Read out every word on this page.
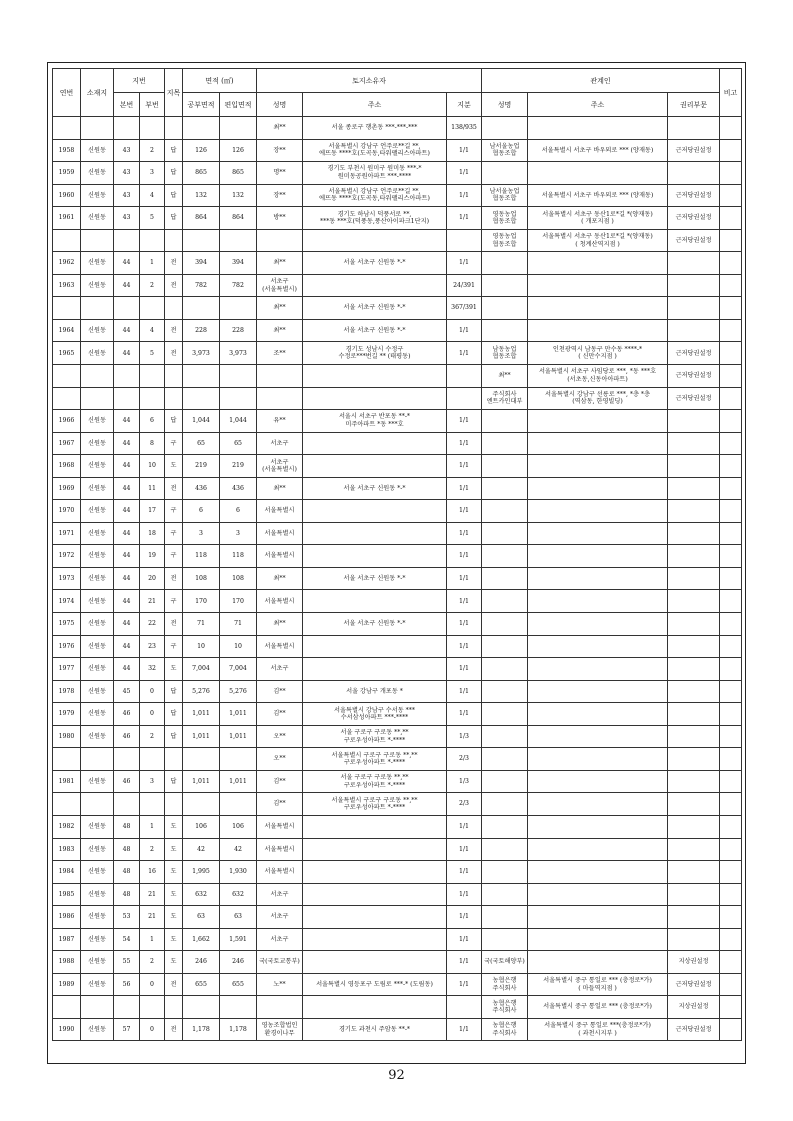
연번	소재지	지번		지목	면적 (㎡)		토지소유자			관계인			비고
		본번	부번		공부면적	편입면적	성명	주소	지분	성명	주소	권리부문	
							최**	서울 종로구 행촌동 ***-***-***	138/935				
1958	신원동	43	2	답	126	126	장**	서울특별시 강남구 언주로**길 **,
에뜨동 ****호(도곡동,타워팰리스아파트)	1/1	남서울농업
협동조합	서울특별시 서초구 바우뫼로 *** (양재동)	근저당권설정	
1959	신원동	43	3	답	865	865	명**	경기도 부천시 원미구 원미동 ***-*
원미동공원아파트 ***-****	1/1				
1960	신원동	43	4	답	132	132	장**	서울특별시 강남구 언주로**길 **,
에뜨동 ****호(도곡동,타워팰리스아파트)	1/1	남서울농업
협동조합	서울특별시 서초구 바우뫼로 *** (양재동)	근저당권설정	
1961	신원동	43	5	답	864	864	방**	경기도 하남시 덕풍서로 **,
***동 ***호(덕풍동,풍산아이파크1단지)	1/1	영동농업
협동조합	서울특별시 서초구 동산1로*길 *(양재동)
( 개포지점 )	근저당권설정	
										영동농업
협동조합	서울특별시 서초구 동산1로*길 *(양재동)
( 청계산역지점 )	근저당권설정	
1962	신원동	44	1	전	394	394	최**	서울 서초구 신원동 *-*	1/1				
1963	신원동	44	2	전	782	782	서초구
(서울특별시)		24/391				
							최**	서울 서초구 신원동 *-*	367/391				
1964	신원동	44	4	전	228	228	최**	서울 서초구 신원동 *-*	1/1				
1965	신원동	44	5	전	3,973	3,973	조**	경기도 성남시 수정구
수정로***번길 ** (태평동)	1/1	남동농업
협동조합	인천광역시 남동구 만수동 ****-*
( 신만수지점 )	근저당권설정	
										최**	서울특별시 서초구 사임당로 ***, *동 ***호
(서초동,신동아아파트)	근저당권설정	
										주식회사
엔트카인대부	서울특별시 강남구 선릉로 ***, *층 *층
(역삼동, 한영빌딩)	근저당권설정	
1966	신원동	44	6	답	1,044	1,044	유**	서울시 서초구 반포동 **-*
미주아파트 *동 ***호	1/1				
1967	신원동	44	8	구	65	65	서초구		1/1				
1968	신원동	44	10	도	219	219	서초구
(서울특별시)		1/1				
1969	신원동	44	11	전	436	436	최**	서울 서초구 신원동 *-*	1/1				
1970	신원동	44	17	구	6	6	서울특별시		1/1				
1971	신원동	44	18	구	3	3	서울특별시		1/1				
1972	신원동	44	19	구	118	118	서울특별시		1/1				
1973	신원동	44	20	전	108	108	최**	서울 서초구 신원동 *-*	1/1				
1974	신원동	44	21	구	170	170	서울특별시		1/1				
1975	신원동	44	22	전	71	71	최**	서울 서초구 신원동 *-*	1/1				
1976	신원동	44	23	구	10	10	서울특별시		1/1				
1977	신원동	44	32	도	7,004	7,004	서초구		1/1				
1978	신원동	45	0	답	5,276	5,276	김**	서울 강남구 개포동 *	1/1				
1979	신원동	46	0	답	1,011	1,011	김**	서울특별시 강남구 수서동 ***
수서삼성아파트 ***-****	1/1				
1980	신원동	46	2	답	1,011	1,011	오**	서울 구로구 구로동 **,**
구로우성아파트 *-****	1/3				
							오**	서울특별시 구로구 구로동 **,**
구로우성아파트 *-****	2/3				
1981	신원동	46	3	답	1,011	1,011	김**	서울 구로구 구로동 **,**
구로우성아파트 *-****	1/3				
							김**	서울특별시 구로구 구로동 **,**
구로우성아파트 *-****	2/3				
1982	신원동	48	1	도	106	106	서울특별시		1/1				
1983	신원동	48	2	도	42	42	서울특별시		1/1				
1984	신원동	48	16	도	1,995	1,930	서울특별시		1/1				
1985	신원동	48	21	도	632	632	서초구		1/1				
1986	신원동	53	21	도	63	63	서초구		1/1				
1987	신원동	54	1	도	1,662	1,591	서초구		1/1				
1988	신원동	55	2	도	246	246	국(국토교통부)		1/1	국(국토해양부)		지상권설정	
1989	신원동	56	0	전	655	655	노**	서울특별시 영등포구 도림로 ***-* (도림동)	1/1	농협은행
주식회사	서울특별시 중구 통일로 *** (충정로*가)
( 마들역지점 )	근저당권설정	
										농협은행
주식회사	서울특별시 중구 통일로 *** (충정로*가)	지상권설정	
1990	신원동	57	0	전	1,178	1,178	영농조합법인
환경이나무	경기도 과천시 주암동 **-*	1/1	농협은행
주식회사	서울특별시 중구 통일로 ***(충정로*가)
( 과천시지부 )	근저당권설정	
92
